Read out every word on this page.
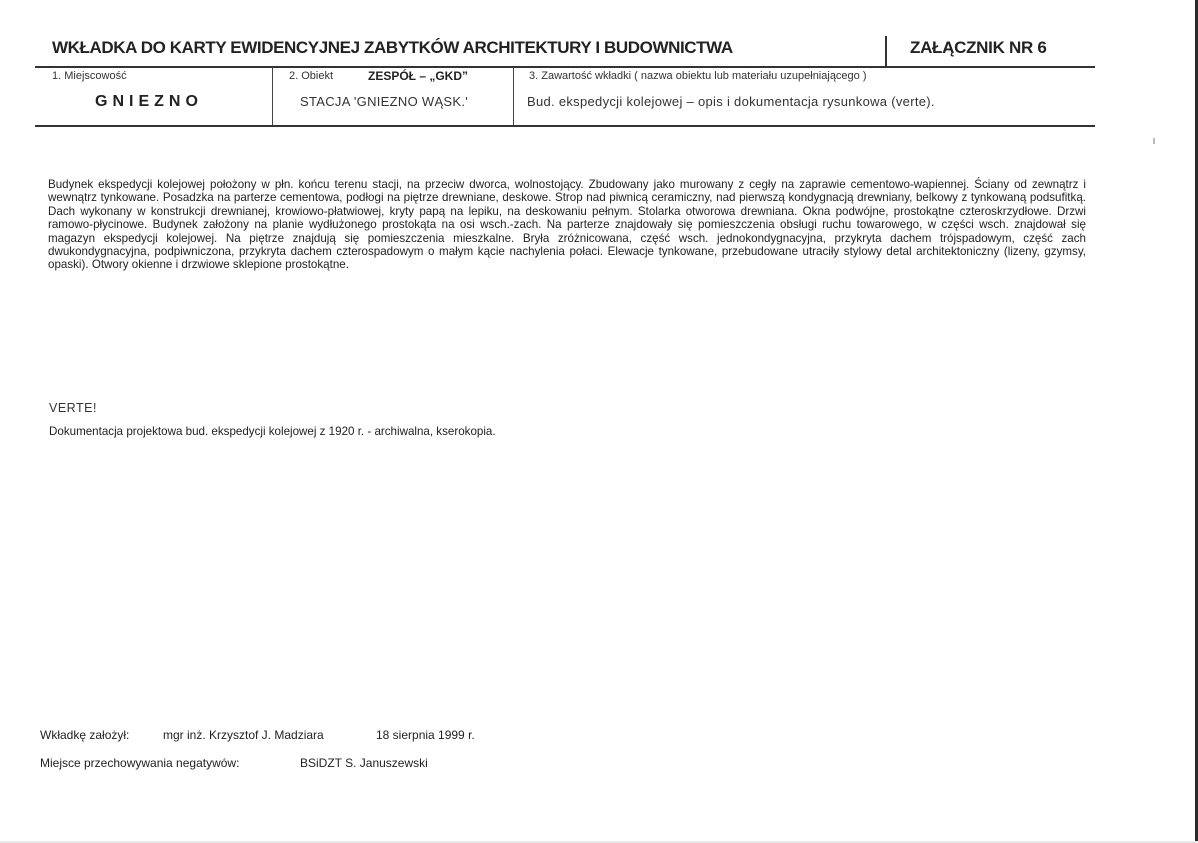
WKŁADKA DO KARTY EWIDENCYJNEJ ZABYTKÓW ARCHITEKTURY I BUDOWNICTWA	ZAŁĄCZNIK NR 6
1. Miejscowość
GNIEZNO
2. Obiekt	ZESPÓŁ – „GKD”
STACJA 'GNIEZNO WĄSK.'
3. Zawartość wkładki ( nazwa obiektu lub materiału uzupełniającego )
Bud. ekspedycji kolejowej – opis i dokumentacja rysunkowa (verte).
Budynek ekspedycji kolejowej położony w płn. końcu terenu stacji, na przeciw dworca, wolnostojący. Zbudowany jako murowany z cegły na zaprawie cementowo-wapiennej. Ściany od zewnątrz i wewnątrz tynkowane. Posadzka na parterze cementowa, podłogi na piętrze drewniane, deskowe. Strop nad piwnicą ceramiczny, nad pierwszą kondygnacją drewniany, belkowy z tynkowaną podsufitką. Dach wykonany w konstrukcji drewnianej, krowiowo-płatwiowej, kryty papą na lepiku, na deskowaniu pełnym. Stolarka otworowa drewniana. Okna podwójne, prostokątne czteroskrzydłowe. Drzwi ramowo-płycinowe. Budynek założony na planie wydłużonego prostokąta na osi wsch.-zach. Na parterze znajdowały się pomieszczenia obsługi ruchu towarowego, w części wsch. znajdował się magazyn ekspedycji kolejowej. Na piętrze znajdują się pomieszczenia mieszkalne. Bryła zróżnicowana, część wsch. jednokondygnacyjna, przykryta dachem trójspadowym, część zach dwukondygnacyjna, podpiwniczona, przykryta dachem czterospadowym o małym kącie nachylenia połaci. Elewacje tynkowane, przebudowane utraciły stylowy detal architektoniczny (lizeny, gzymsy, opaski). Otwory okienne i drzwiowe sklepione prostokątne.
VERTE!
Dokumentacja projektowa bud. ekspedycji kolejowej z 1920 r. - archiwalna, kserokopia.
Wkładkę założył:	mgr inż. Krzysztof J. Madziara	18 sierpnia 1999 r.
Miejsce przechowywania negatywów:	BSiDZT S. Januszewski
